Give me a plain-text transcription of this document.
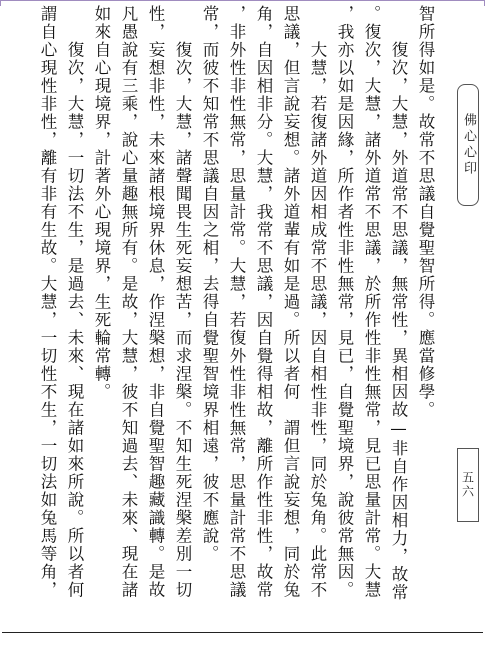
智所得如是。故常不思議自覺聖智所得。應當修學。
　　復次，大慧，外道常不思議，無常性，異相因故—非自作因相力，故常
。復次，大慧，諸外道常不思議，於所作性非性無常，見已思量計常。大慧
，我亦以如是因緣，所作者性非性無常，見已，自覺聖境界，說彼常無因。
　　大慧，若復諸外道因相成常不思議，因自相性非性，同於兔角。此常不
思議，但言說妄想。諸外道輩有如是過。所以者何　謂但言說妄想，同於兔
角，自因相非分。大慧，我常不思議，因自覺得相故，離所作性非性，故常
，非外性非性無常，思量計常。大慧，若復外性非性無常，思量計常不思議
常，而彼不知常不思議自因之相，去得自覺聖智境界相遠，彼不應說。
　　復次，大慧，諸聲聞畏生死妄想苦，而求涅槃。不知生死涅槃差別一切
性，妄想非性，未來諸根境界休息，作涅槃想，非自覺聖智趣藏識轉。是故
凡愚說有三乘，說心量趣無所有。是故，大慧，彼不知過去、未來、現在諸
如來自心現境界，計著外心現境界，生死輪常轉。
　　復次，大慧，一切法不生，是過去、未來、現在諸如來所說。所以者何
謂自心現性非性，離有非有生故。大慧，一切性不生，一切法如兔馬等角，	佛心心印
五六
